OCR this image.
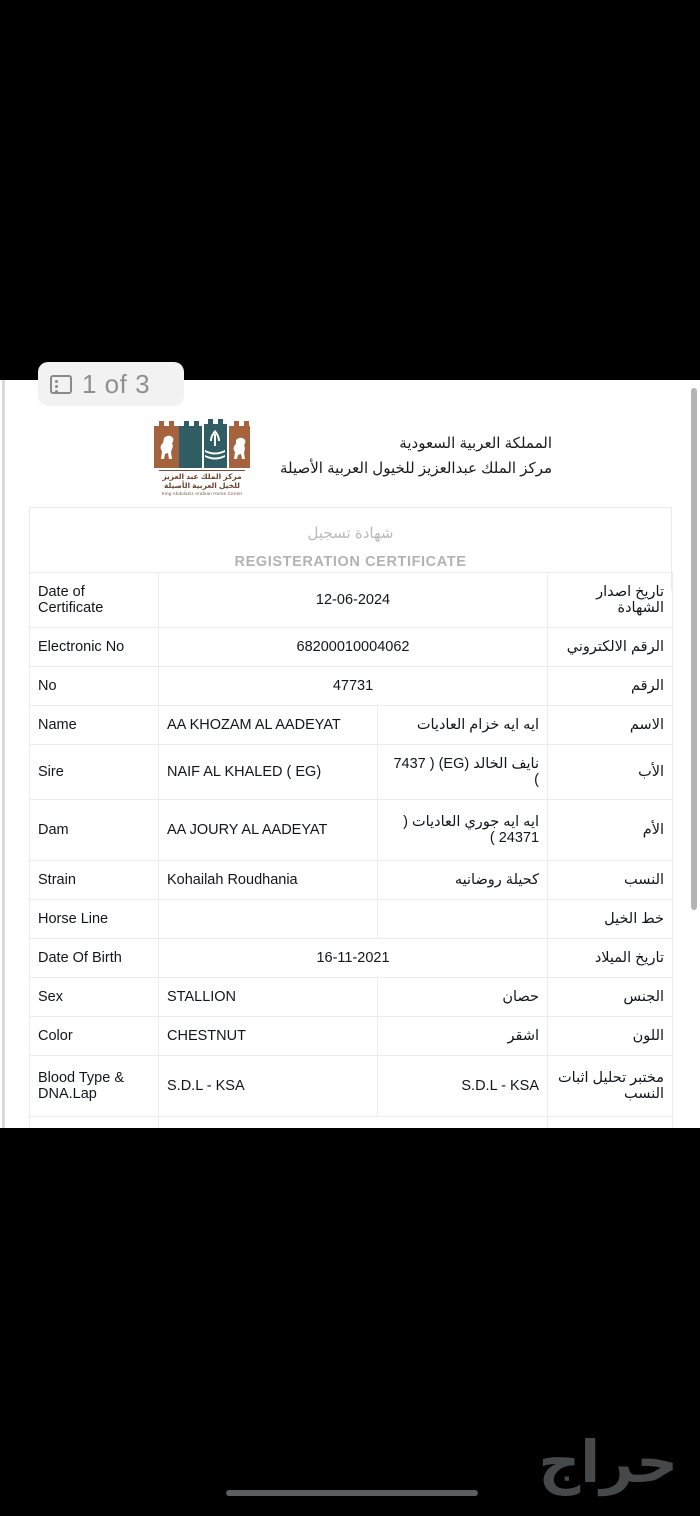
1 of 3
مركز الملك عبد العزيز
للخيل العربية الأصيلة
King Abdulaziz Arabian Horse Center
المملكة العربية السعودية
مركز الملك عبدالعزيز للخيول العربية الأصيلة
شهادة تسجيل
REGISTERATION CERTIFICATE
Date of Certificate	12-06-2024		تاريخ اصدار الشهادة
Electronic No	68200010004062		الرقم الالكتروني
No	47731		الرقم
Name	AA KHOZAM AL AADEYAT	ايه ايه خزام العاديات	الاسم
Sire	NAIF AL KHALED ( EG)	نايف الخالد (EG) ( 7437 )	الأب
Dam	AA JOURY AL AADEYAT	ايه ايه جوري العاديات ( 24371 )	الأم
Strain	Kohailah Roudhania	كحيلة روضانيه	النسب
Horse Line			خط الخيل
Date Of Birth	16-11-2021		تاريخ الميلاد
Sex	STALLION	حصان	الجنس
Color	CHESTNUT	اشقر	اللون
Blood Type & DNA.Lap	S.D.L - KSA	S.D.L - KSA	مختبر تحليل اثبات النسب

حراج
